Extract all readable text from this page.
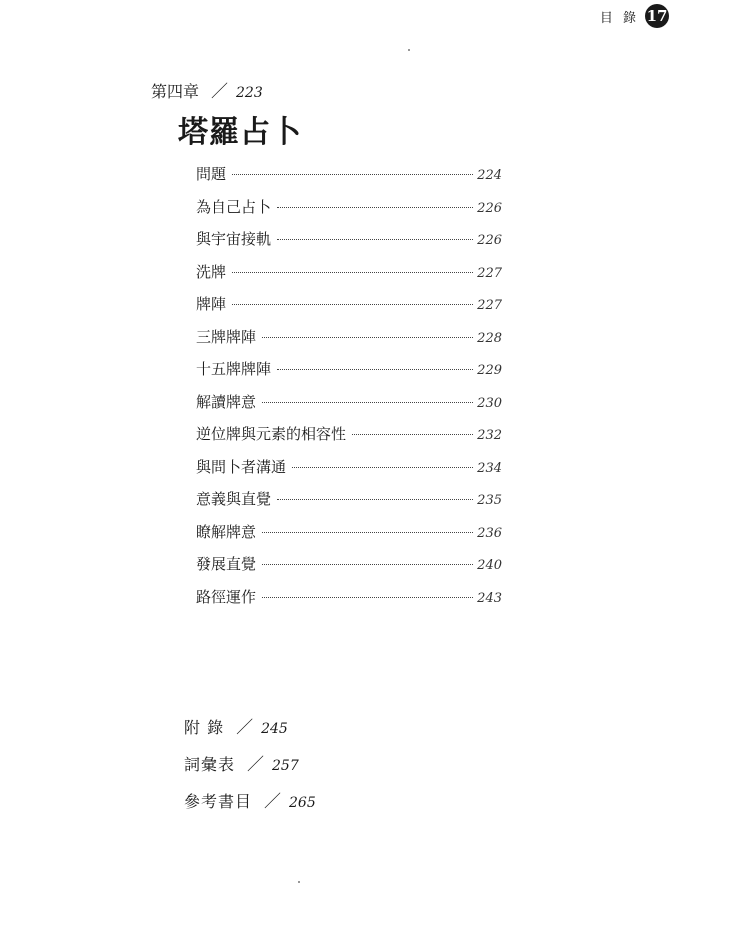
目 錄 17
第四章 ／ 223
塔羅占卜
問題	224
為自己占卜	226
與宇宙接軌	226
洗牌	227
牌陣	227
三牌牌陣	228
十五牌牌陣	229
解讀牌意	230
逆位牌與元素的相容性	232
與問卜者溝通	234
意義與直覺	235
瞭解牌意	236
發展直覺	240
路徑運作	243
附 錄 ／ 245
詞彙表 ／ 257
參考書目 ／ 265
